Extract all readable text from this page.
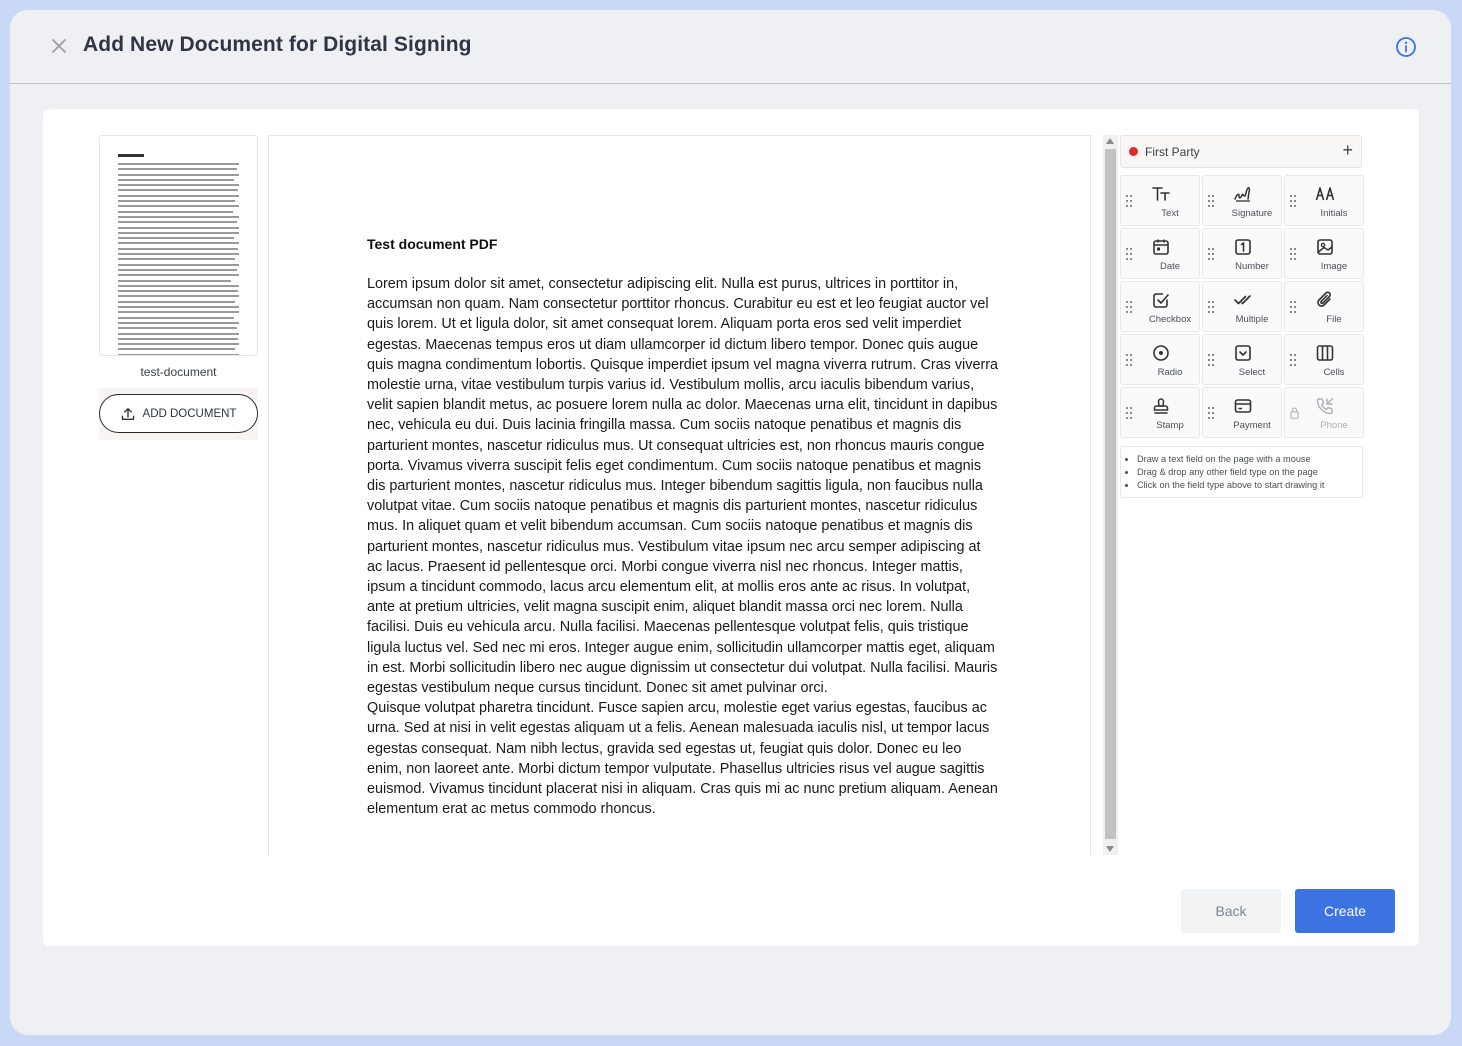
Add New Document for Digital Signing
test-document
ADD DOCUMENT
Test document PDF

Lorem ipsum dolor sit amet, consectetur adipiscing elit. Nulla est purus, ultrices in porttitor in, accumsan non quam. Nam consectetur porttitor rhoncus. Curabitur eu est et leo feugiat auctor vel quis lorem. Ut et ligula dolor, sit amet consequat lorem. Aliquam porta eros sed velit imperdiet egestas. Maecenas tempus eros ut diam ullamcorper id dictum libero tempor. Donec quis augue quis magna condimentum lobortis. Quisque imperdiet ipsum vel magna viverra rutrum. Cras viverra molestie urna, vitae vestibulum turpis varius id. Vestibulum mollis, arcu iaculis bibendum varius, velit sapien blandit metus, ac posuere lorem nulla ac dolor. Maecenas urna elit, tincidunt in dapibus nec, vehicula eu dui. Duis lacinia fringilla massa. Cum sociis natoque penatibus et magnis dis parturient montes, nascetur ridiculus mus. Ut consequat ultricies est, non rhoncus mauris congue porta. Vivamus viverra suscipit felis eget condimentum. Cum sociis natoque penatibus et magnis dis parturient montes, nascetur ridiculus mus. Integer bibendum sagittis ligula, non faucibus nulla volutpat vitae. Cum sociis natoque penatibus et magnis dis parturient montes, nascetur ridiculus mus. In aliquet quam et velit bibendum accumsan. Cum sociis natoque penatibus et magnis dis parturient montes, nascetur ridiculus mus. Vestibulum vitae ipsum nec arcu semper adipiscing at ac lacus. Praesent id pellentesque orci. Morbi congue viverra nisl nec rhoncus. Integer mattis, ipsum a tincidunt commodo, lacus arcu elementum elit, at mollis eros ante ac risus. In volutpat, ante at pretium ultricies, velit magna suscipit enim, aliquet blandit massa orci nec lorem. Nulla facilisi. Duis eu vehicula arcu. Nulla facilisi. Maecenas pellentesque volutpat felis, quis tristique ligula luctus vel. Sed nec mi eros. Integer augue enim, sollicitudin ullamcorper mattis eget, aliquam in est. Morbi sollicitudin libero nec augue dignissim ut consectetur dui volutpat. Nulla facilisi. Mauris egestas vestibulum neque cursus tincidunt. Donec sit amet pulvinar orci.

Quisque volutpat pharetra tincidunt. Fusce sapien arcu, molestie eget varius egestas, faucibus ac urna. Sed at nisi in velit egestas aliquam ut a felis. Aenean malesuada iaculis nisl, ut tempor lacus egestas consequat. Nam nibh lectus, gravida sed egestas ut, feugiat quis dolor. Donec eu leo enim, non laoreet ante. Morbi dictum tempor vulputate. Phasellus ultricies risus vel augue sagittis euismod. Vivamus tincidunt placerat nisi in aliquam. Cras quis mi ac nunc pretium aliquam. Aenean elementum erat ac metus commodo rhoncus.

First Party	+
Text	Signature	Initials
Date	Number	Image
Checkbox	Multiple	File
Radio	Select	Cells
Stamp	Payment	Phone
• Draw a text field on the page with a mouse
• Drag & drop any other field type on the page
• Click on the field type above to start drawing it
Back	Create
